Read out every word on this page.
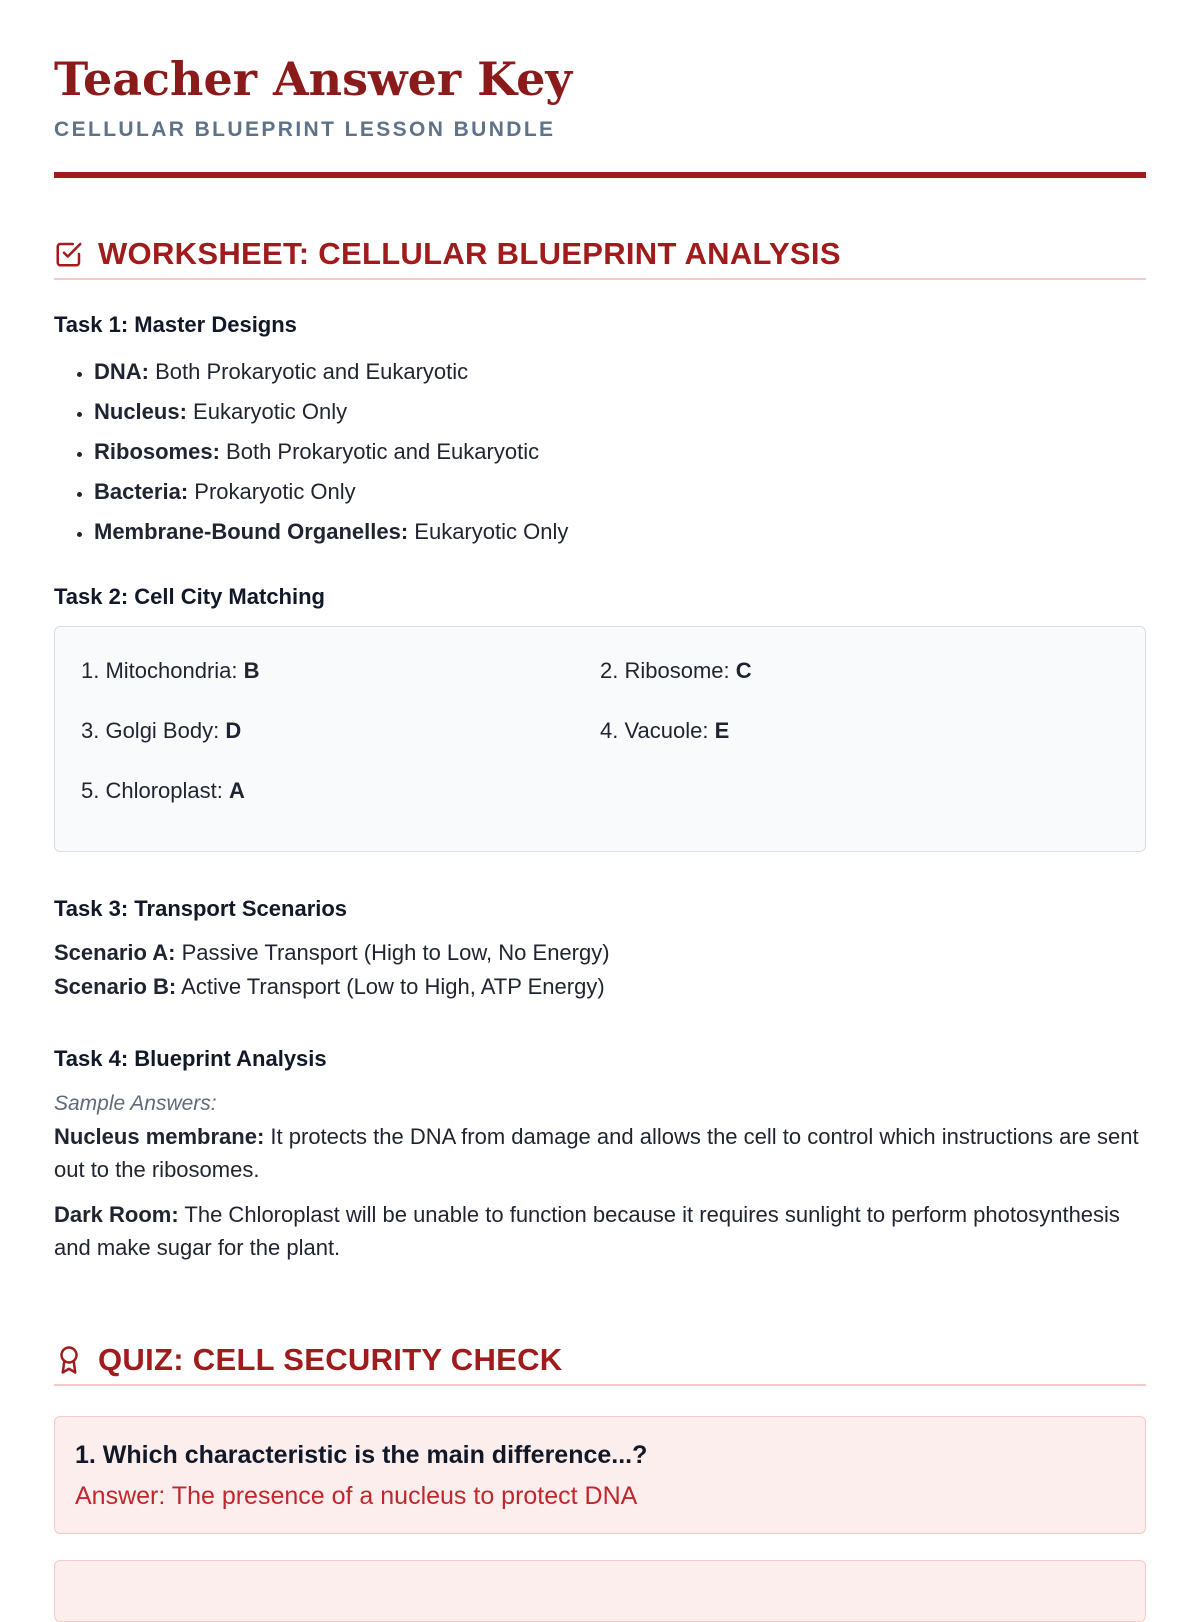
Teacher Answer Key
CELLULAR BLUEPRINT LESSON BUNDLE
WORKSHEET: CELLULAR BLUEPRINT ANALYSIS
Task 1: Master Designs
• DNA: Both Prokaryotic and Eukaryotic
• Nucleus: Eukaryotic Only
• Ribosomes: Both Prokaryotic and Eukaryotic
• Bacteria: Prokaryotic Only
• Membrane-Bound Organelles: Eukaryotic Only
Task 2: Cell City Matching
1. Mitochondria: B	2. Ribosome: C
3. Golgi Body: D	4. Vacuole: E
5. Chloroplast: A
Task 3: Transport Scenarios
Scenario A: Passive Transport (High to Low, No Energy)
Scenario B: Active Transport (Low to High, ATP Energy)
Task 4: Blueprint Analysis
Sample Answers:
Nucleus membrane: It protects the DNA from damage and allows the cell to control which instructions are sent out to the ribosomes.
Dark Room: The Chloroplast will be unable to function because it requires sunlight to perform photosynthesis and make sugar for the plant.
QUIZ: CELL SECURITY CHECK
1. Which characteristic is the main difference...?
Answer: The presence of a nucleus to protect DNA
